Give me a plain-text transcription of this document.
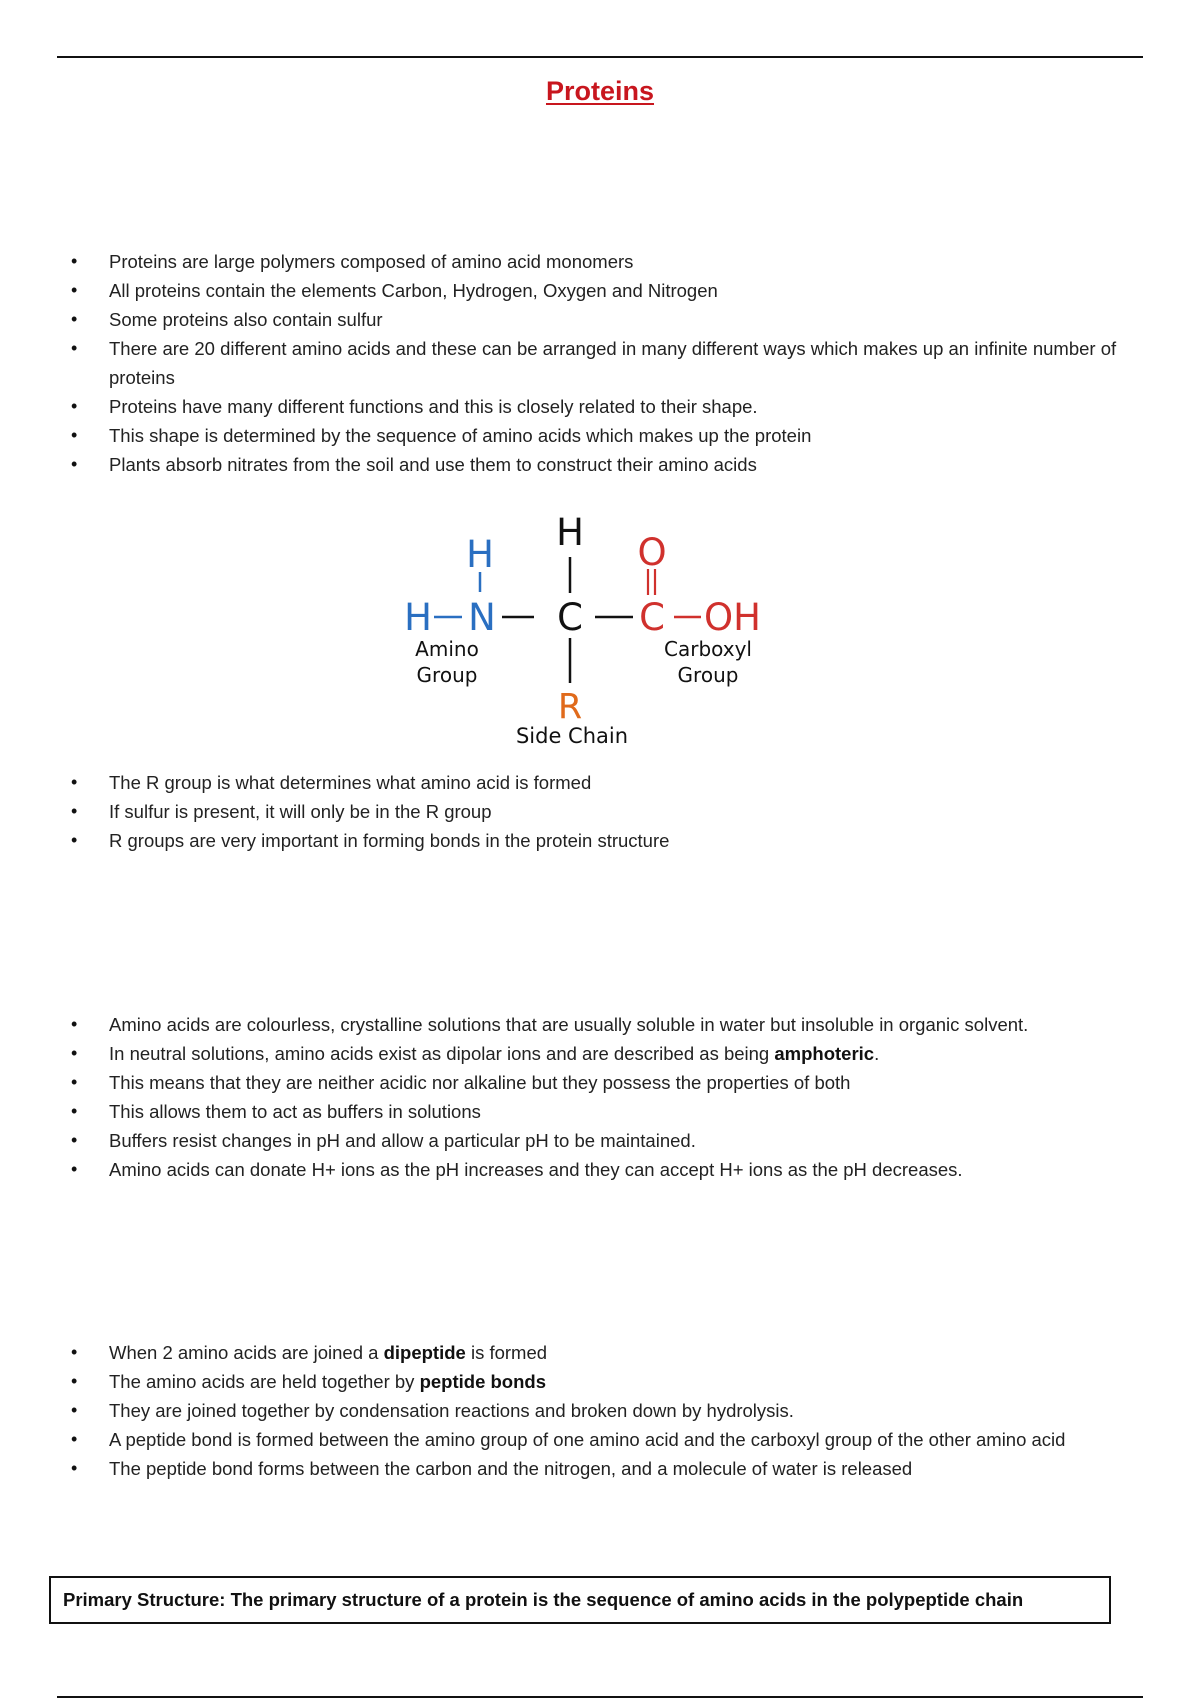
Proteins
• Proteins are large polymers composed of amino acid monomers
• All proteins contain the elements Carbon, Hydrogen, Oxygen and Nitrogen
• Some proteins also contain sulfur
• There are 20 different amino acids and these can be arranged in many different ways which makes up an infinite number of proteins
• Proteins have many different functions and this is closely related to their shape.
• This shape is determined by the sequence of amino acids which makes up the protein
• Plants absorb nitrates from the soil and use them to construct their amino acids
H
H N
H
C
O
C OH
R
Amino
Group
Carboxyl
Group
Side Chain
• The R group is what determines what amino acid is formed
• If sulfur is present, it will only be in the R group
• R groups are very important in forming bonds in the protein structure
• Amino acids are colourless, crystalline solutions that are usually soluble in water but insoluble in organic solvent.
• In neutral solutions, amino acids exist as dipolar ions and are described as being amphoteric.
• This means that they are neither acidic nor alkaline but they possess the properties of both
• This allows them to act as buffers in solutions
• Buffers resist changes in pH and allow a particular pH to be maintained.
• Amino acids can donate H+ ions as the pH increases and they can accept H+ ions as the pH decreases.
• When 2 amino acids are joined a dipeptide is formed
• The amino acids are held together by peptide bonds
• They are joined together by condensation reactions and broken down by hydrolysis.
• A peptide bond is formed between the amino group of one amino acid and the carboxyl group of the other amino acid
• The peptide bond forms between the carbon and the nitrogen, and a molecule of water is released
Primary Structure: The primary structure of a protein is the sequence of amino acids in the polypeptide chain
